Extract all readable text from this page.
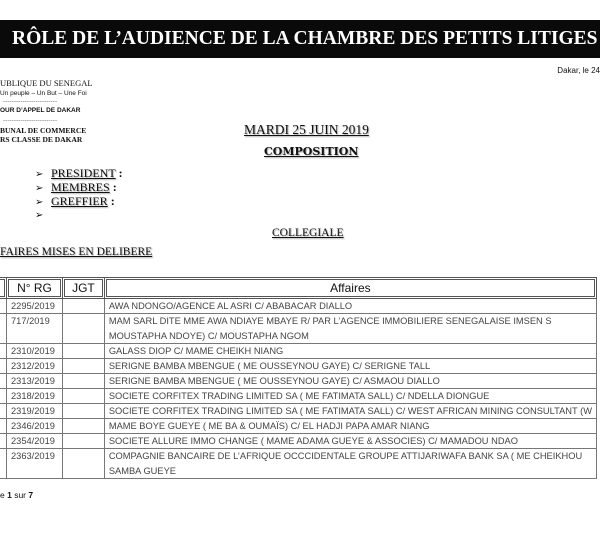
RÔLE DE L’AUDIENCE DE LA CHAMBRE DES PETITS LITIGES
Dakar, le 24
UBLIQUE DU SENEGAL
Un peuple – Un But – Une Foi
-------------------------
OUR D’APPEL DE DAKAR
-------------------------
BUNAL DE COMMERCE
RS CLASSE DE DAKAR
MARDI 25 JUIN 2019
COMPOSITION
➢ PRESIDENT :
➢ MEMBRES :
➢ GREFFIER :
➢
COLLEGIALE
FAIRES MISES EN DELIBERE

	N° RG	JGT	Affaires

	2295/2019		AWA NDONGO/AGENCE AL ASRI C/ ABABACAR DIALLO
	717/2019		MAM SARL DITE MME AWA NDIAYE MBAYE R/ PAR L’AGENCE IMMOBILIERE SENEGALAISE IMSEN S
MOUSTAPHA NDOYE) C/ MOUSTAPHA NGOM
	2310/2019		GALASS DIOP C/ MAME CHEIKH NIANG
	2312/2019		SERIGNE BAMBA MBENGUE ( ME OUSSEYNOU GAYE) C/ SERIGNE TALL
	2313/2019		SERIGNE BAMBA MBENGUE ( ME OUSSEYNOU GAYE) C/ ASMAOU DIALLO
	2318/2019		SOCIETE CORFITEX TRADING LIMITED SA ( ME FATIMATA SALL) C/ NDELLA DIONGUE
	2319/2019		SOCIETE CORFITEX TRADING LIMITED SA ( ME FATIMATA SALL) C/ WEST AFRICAN MINING CONSULTANT (W
	2346/2019		MAME BOYE GUEYE ( ME BA & OUMAÏS) C/ EL HADJI PAPA AMAR NIANG
	2354/2019		SOCIETE ALLURE IMMO CHANGE ( MAME ADAMA GUEYE & ASSOCIES) C/ MAMADOU NDAO
	2363/2019		COMPAGNIE BANCAIRE DE L’AFRIQUE OCCCIDENTALE GROUPE ATTIJARIWAFA BANK SA ( ME CHEIKHOU
SAMBA GUEYE
e 1 sur 7
